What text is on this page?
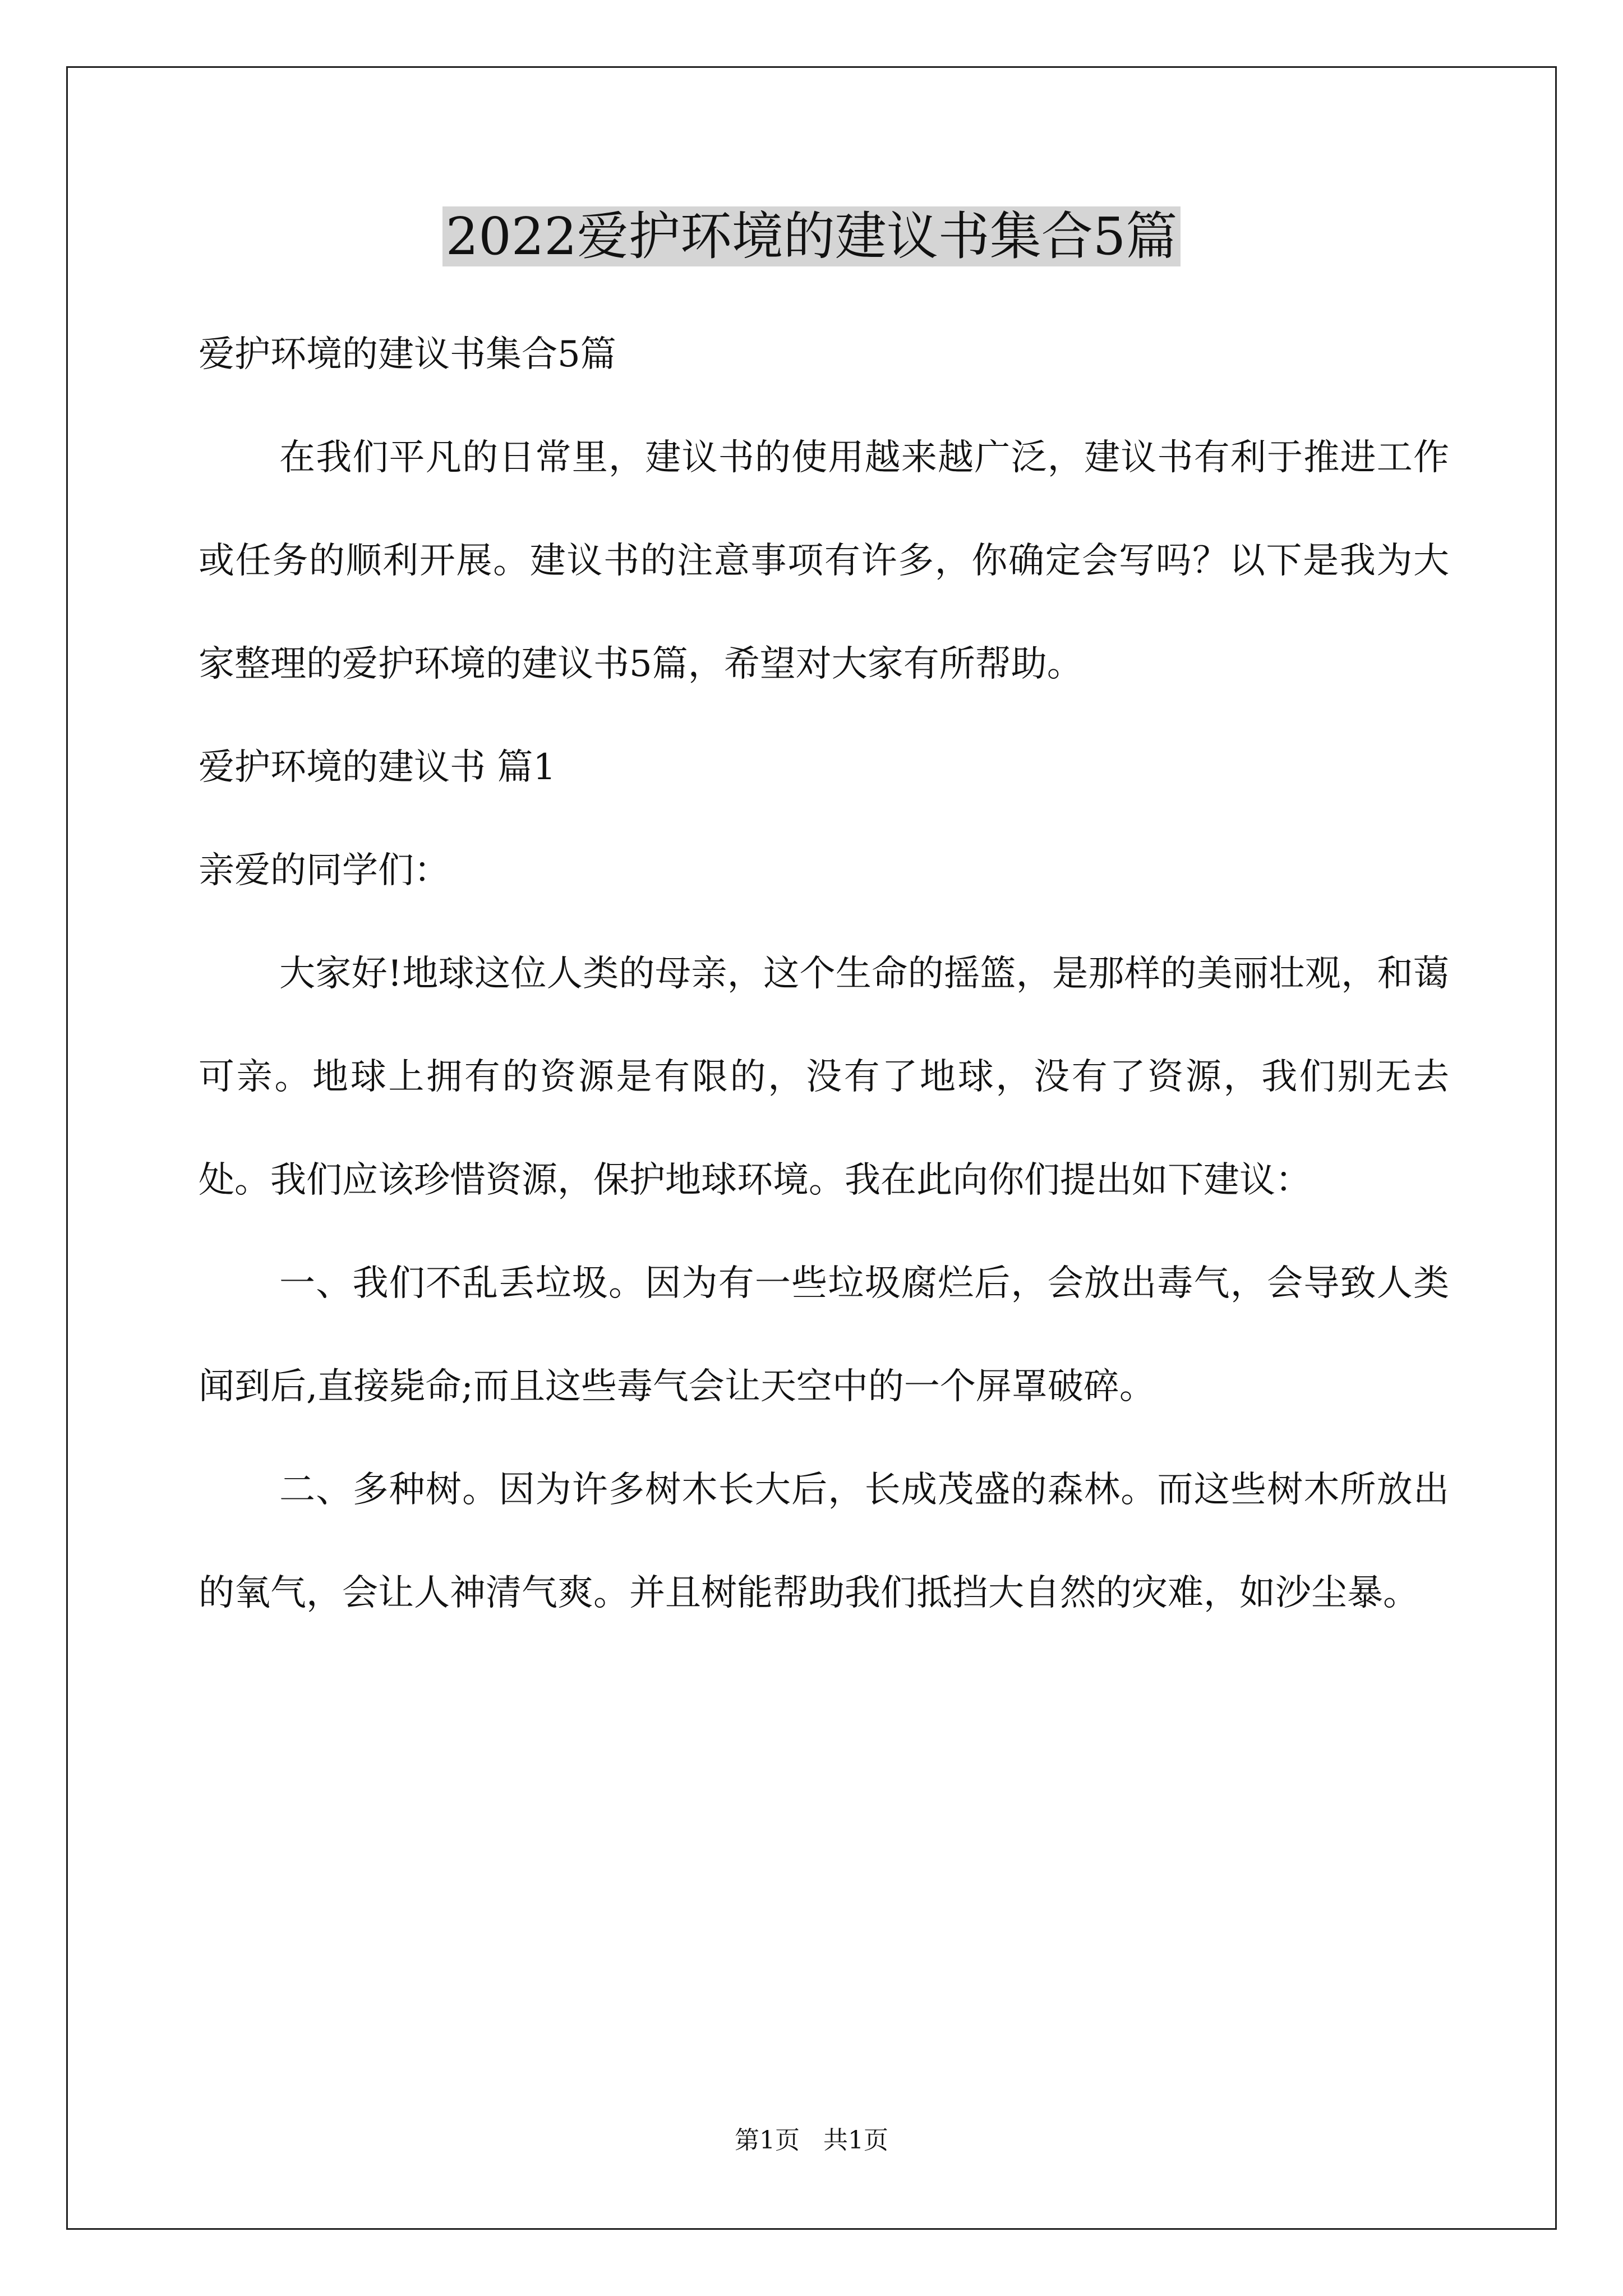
2022爱护环境的建议书集合5篇

爱护环境的建议书集合5篇

在我们平凡的日常里，建议书的使用越来越广泛，建议书有利于推进工作或任务的顺利开展。建议书的注意事项有许多，你确定会写吗？以下是我为大家整理的爱护环境的建议书5篇，希望对大家有所帮助。

爱护环境的建议书 篇1

亲爱的同学们：

大家好!地球这位人类的母亲，这个生命的摇篮，是那样的美丽壮观，和蔼可亲。地球上拥有的资源是有限的，没有了地球，没有了资源，我们别无去处。我们应该珍惜资源，保护地球环境。我在此向你们提出如下建议：

一、我们不乱丢垃圾。因为有一些垃圾腐烂后，会放出毒气，会导致人类闻到后,直接毙命;而且这些毒气会让天空中的一个屏罩破碎。

二、多种树。因为许多树木长大后，长成茂盛的森林。而这些树木所放出的氧气，会让人神清气爽。并且树能帮助我们抵挡大自然的灾难，如沙尘暴。

第1页   共1页
